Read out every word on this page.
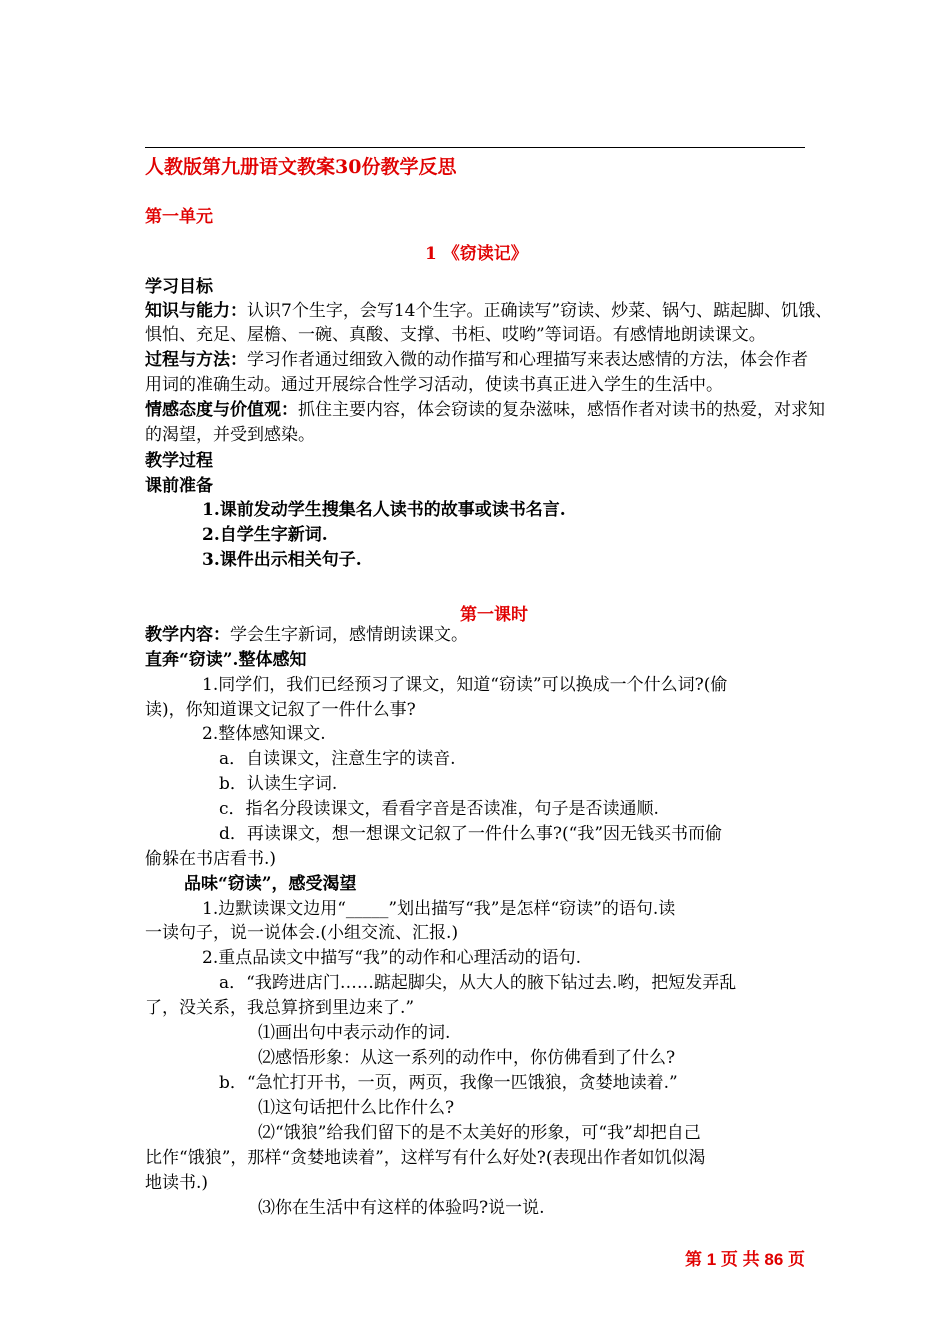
人教版第九册语文教案30份教学反思
第一单元
1 《窃读记》
学习目标
知识与能力：认识7个生字，会写14个生字。正确读写”窃读、炒菜、锅勺、踮起脚、饥饿、
惧怕、充足、屋檐、一碗、真酸、支撑、书柜、哎哟”等词语。有感情地朗读课文。
过程与方法：学习作者通过细致入微的动作描写和心理描写来表达感情的方法，体会作者
用词的准确生动。通过开展综合性学习活动，使读书真正进入学生的生活中。
情感态度与价值观：抓住主要内容，体会窃读的复杂滋味，感悟作者对读书的热爱，对求知
的渴望，并受到感染。
教学过程
课前准备
1.课前发动学生搜集名人读书的故事或读书名言.
2.自学生字新词.
3.课件出示相关句子.
第一课时
教学内容：学会生字新词，感情朗读课文。
直奔“窃读”.整体感知
1.同学们，我们已经预习了课文，知道“窃读”可以换成一个什么词?(偷
读)，你知道课文记叙了一件什么事?
2.整体感知课文.
a．自读课文，注意生字的读音.
b．认读生字词.
c．指名分段读课文，看看字音是否读准，句子是否读通顺.
d．再读课文，想一想课文记叙了一件什么事?(“我”因无钱买书而偷
偷躲在书店看书.)
品味“窃读”，感受渴望
1.边默读课文边用“_____”划出描写“我”是怎样“窃读”的语句.读
一读句子，说一说体会.(小组交流、汇报.)
2.重点品读文中描写“我”的动作和心理活动的语句.
a．“我跨进店门……踮起脚尖，从大人的腋下钻过去.哟，把短发弄乱
了，没关系，我总算挤到里边来了.”
⑴画出句中表示动作的词.
⑵感悟形象：从这一系列的动作中，你仿佛看到了什么?
b．“急忙打开书，一页，两页，我像一匹饿狼，贪婪地读着.”
⑴这句话把什么比作什么?
⑵“饿狼”给我们留下的是不太美好的形象，可“我”却把自己
比作“饿狼”，那样“贪婪地读着”，这样写有什么好处?(表现出作者如饥似渴
地读书.)
⑶你在生活中有这样的体验吗?说一说.
第 1 页 共 86 页
